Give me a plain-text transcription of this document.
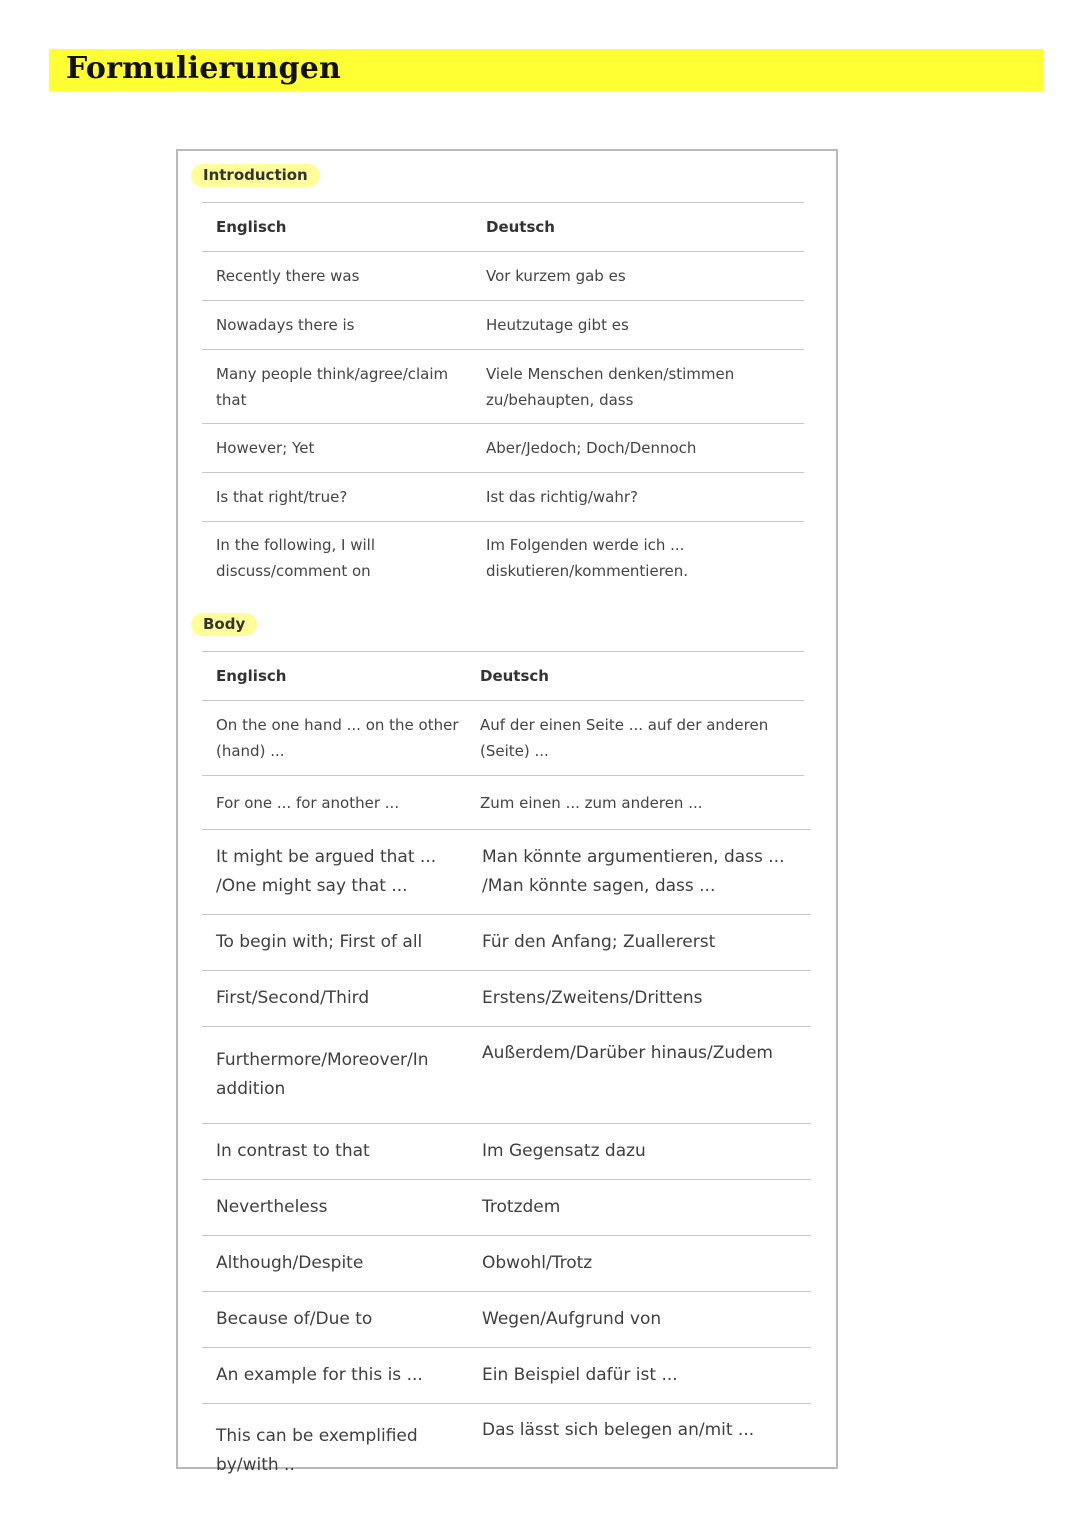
Formulierungen
Introduction
Englisch	Deutsch
Recently there was	Vor kurzem gab es
Nowadays there is	Heutzutage gibt es
Many people think/agree/claim that	Viele Menschen denken/stimmen zu/behaupten, dass
However; Yet	Aber/Jedoch; Doch/Dennoch
Is that right/true?	Ist das richtig/wahr?
In the following, I will discuss/comment on	Im Folgenden werde ich ... diskutieren/kommentieren.
Body
Englisch	Deutsch
On the one hand ... on the other (hand) ...	Auf der einen Seite ... auf der anderen (Seite) ...
For one ... for another ...	Zum einen ... zum anderen ...
It might be argued that ... /One might say that ...	Man könnte argumentieren, dass ... /Man könnte sagen, dass ...
To begin with; First of all	Für den Anfang; Zuallererst
First/Second/Third	Erstens/Zweitens/Drittens
Furthermore/Moreover/In addition	Außerdem/Darüber hinaus/Zudem
In contrast to that	Im Gegensatz dazu
Nevertheless	Trotzdem
Although/Despite	Obwohl/Trotz
Because of/Due to	Wegen/Aufgrund von
An example for this is ...	Ein Beispiel dafür ist ...
This can be exemplified by/with ..	Das lässt sich belegen an/mit ...
